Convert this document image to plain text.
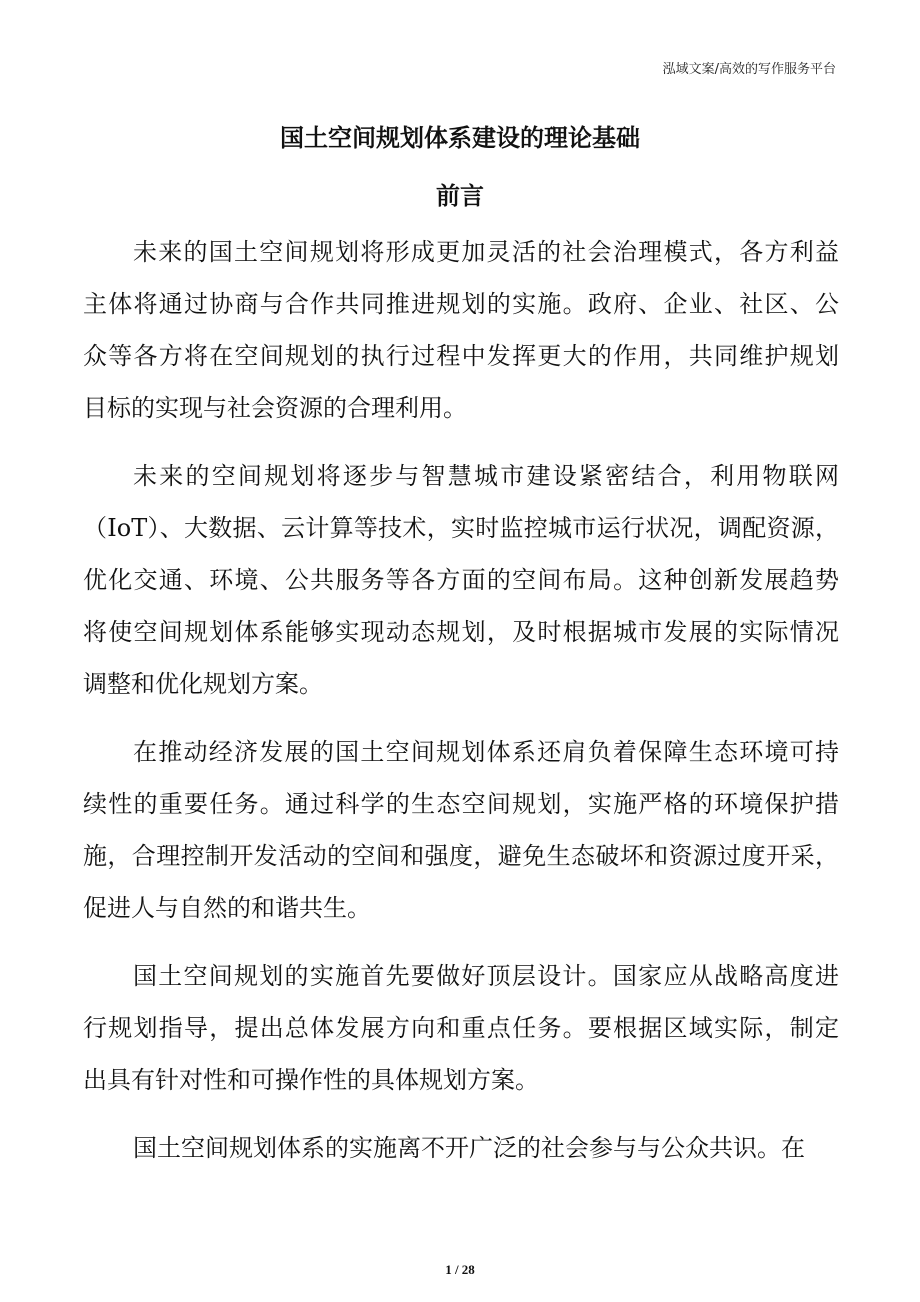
泓域文案/高效的写作服务平台
国土空间规划体系建设的理论基础
前言
未来的国土空间规划将形成更加灵活的社会治理模式，各方利益
主体将通过协商与合作共同推进规划的实施。政府、企业、社区、公
众等各方将在空间规划的执行过程中发挥更大的作用，共同维护规划
目标的实现与社会资源的合理利用。
未来的空间规划将逐步与智慧城市建设紧密结合，利用物联网
（IoT）、大数据、云计算等技术，实时监控城市运行状况，调配资源，
优化交通、环境、公共服务等各方面的空间布局。这种创新发展趋势
将使空间规划体系能够实现动态规划，及时根据城市发展的实际情况
调整和优化规划方案。
在推动经济发展的国土空间规划体系还肩负着保障生态环境可持
续性的重要任务。通过科学的生态空间规划，实施严格的环境保护措
施，合理控制开发活动的空间和强度，避免生态破坏和资源过度开采，
促进人与自然的和谐共生。
国土空间规划的实施首先要做好顶层设计。国家应从战略高度进
行规划指导，提出总体发展方向和重点任务。要根据区域实际，制定
出具有针对性和可操作性的具体规划方案。
国土空间规划体系的实施离不开广泛的社会参与与公众共识。在
1 / 28
